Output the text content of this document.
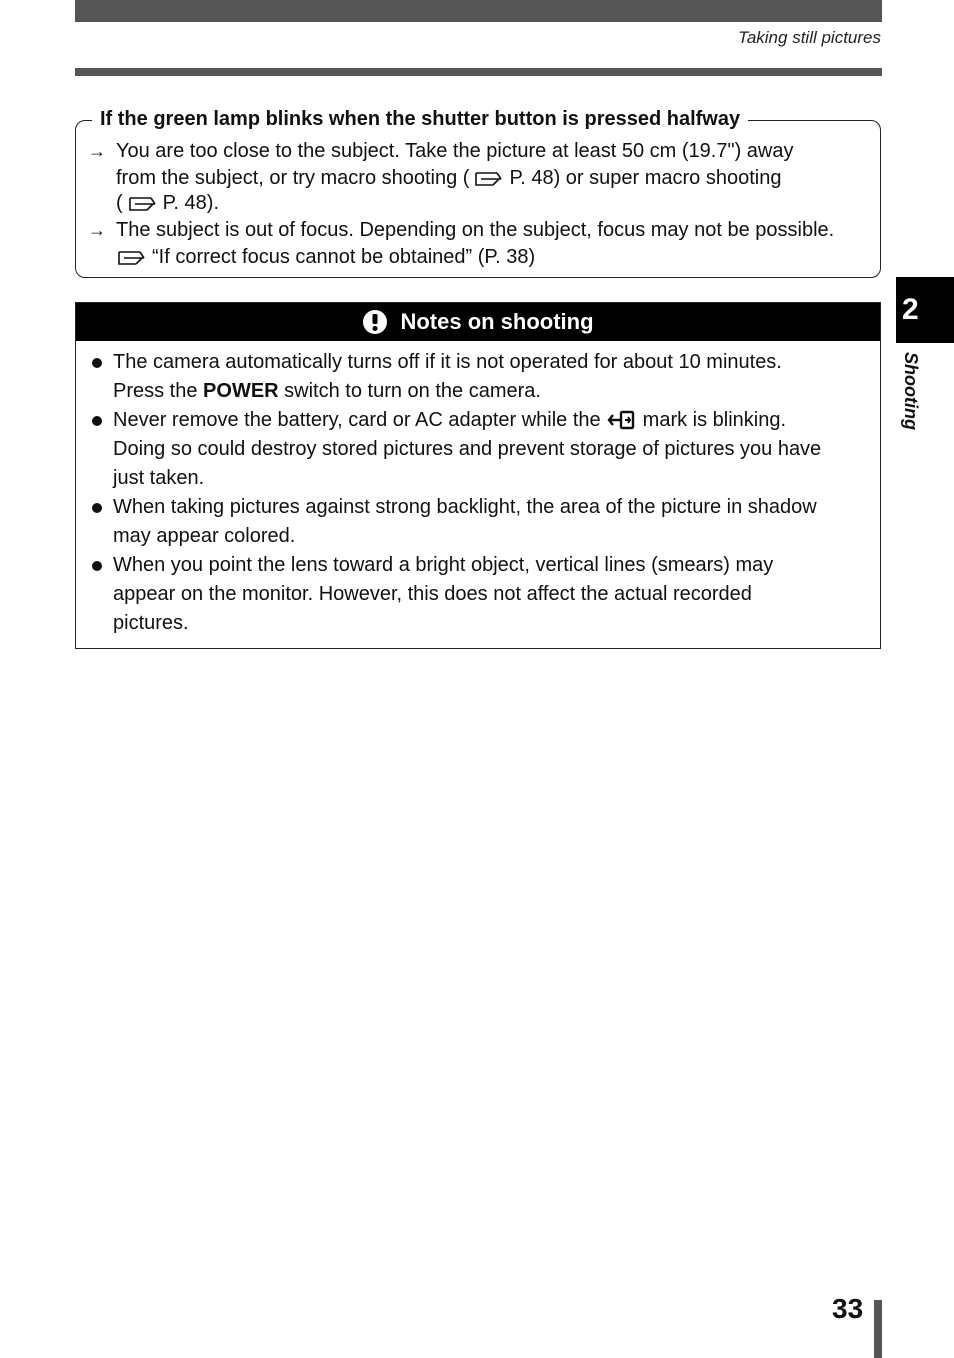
Taking still pictures
If the green lamp blinks when the shutter button is pressed halfway
→ You are too close to the subject. Take the picture at least 50 cm (19.7") away
from the subject, or try macro shooting ( P. 48) or super macro shooting
( P. 48).
→ The subject is out of focus. Depending on the subject, focus may not be possible.
“If correct focus cannot be obtained” (P. 38)
Notes on shooting
The camera automatically turns off if it is not operated for about 10 minutes.
Press the POWER switch to turn on the camera.
Never remove the battery, card or AC adapter while the mark is blinking.
Doing so could destroy stored pictures and prevent storage of pictures you have
just taken.
When taking pictures against strong backlight, the area of the picture in shadow
may appear colored.
When you point the lens toward a bright object, vertical lines (smears) may
appear on the monitor. However, this does not affect the actual recorded
pictures.
2
Shooting
33
